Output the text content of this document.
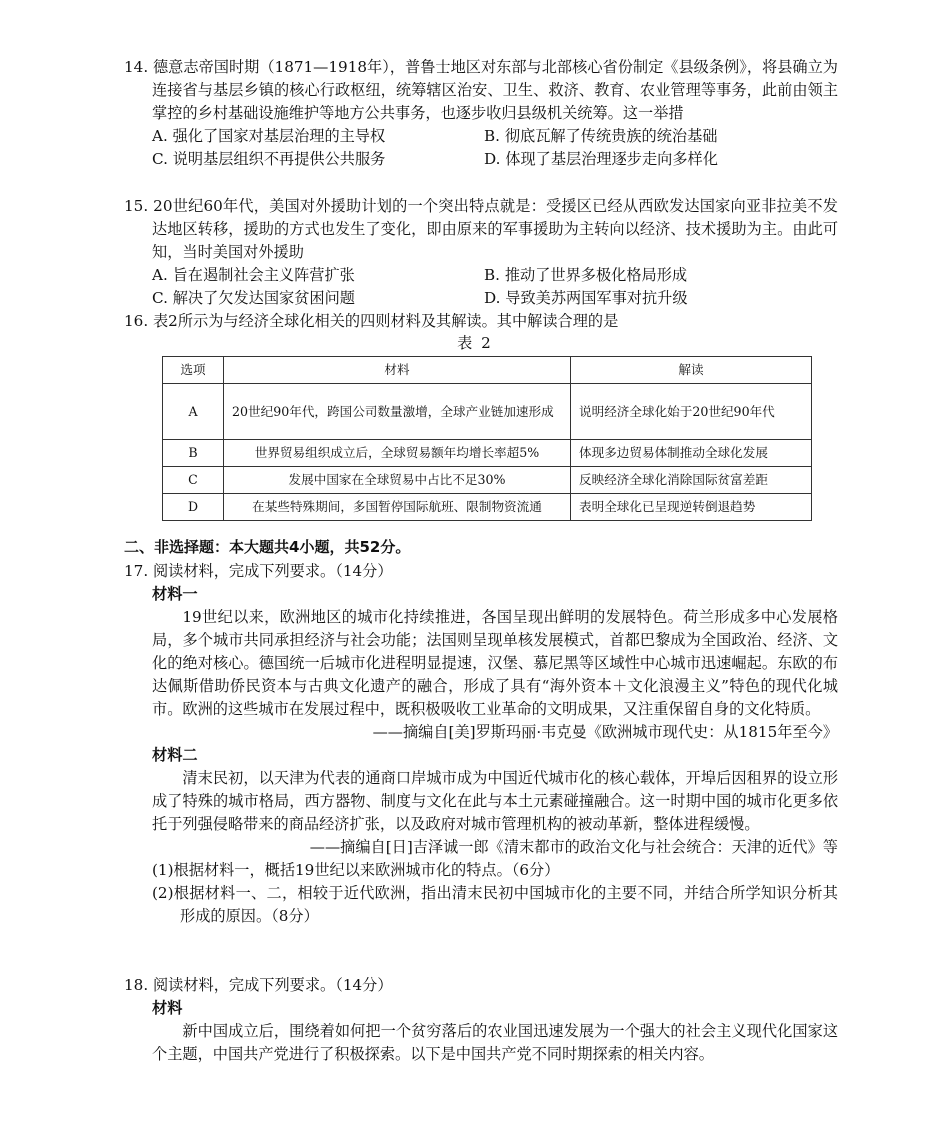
14. 德意志帝国时期（1871—1918年），普鲁士地区对东部与北部核心省份制定《县级条例》，将县确立为连接省与基层乡镇的核心行政枢纽，统筹辖区治安、卫生、救济、教育、农业管理等事务，此前由领主掌控的乡村基础设施维护等地方公共事务，也逐步收归县级机关统筹。这一举措

A. 强化了国家对基层治理的主导权	B. 彻底瓦解了传统贵族的统治基础
C. 说明基层组织不再提供公共服务	D. 体现了基层治理逐步走向多样化

15. 20世纪60年代，美国对外援助计划的一个突出特点就是：受援区已经从西欧发达国家向亚非拉美不发达地区转移，援助的方式也发生了变化，即由原来的军事援助为主转向以经济、技术援助为主。由此可知，当时美国对外援助

A. 旨在遏制社会主义阵营扩张	B. 推动了世界多极化格局形成
C. 解决了欠发达国家贫困问题	D. 导致美苏两国军事对抗升级

16. 表2所示为与经济全球化相关的四则材料及其解读。其中解读合理的是

表 2
选项	材料	解读
A	20世纪90年代，跨国公司数量激增，全球产业链加速形成	说明经济全球化始于20世纪90年代
B	世界贸易组织成立后，全球贸易额年均增长率超5%	体现多边贸易体制推动全球化发展
C	发展中国家在全球贸易中占比不足30%	反映经济全球化消除国际贫富差距
D	在某些特殊期间，多国暂停国际航班、限制物资流通	表明全球化已呈现逆转倒退趋势
二、非选择题：本大题共4小题，共52分。

17. 阅读材料，完成下列要求。（14分）

材料一

19世纪以来，欧洲地区的城市化持续推进，各国呈现出鲜明的发展特色。荷兰形成多中心发展格局，多个城市共同承担经济与社会功能；法国则呈现单核发展模式，首都巴黎成为全国政治、经济、文化的绝对核心。德国统一后城市化进程明显提速，汉堡、慕尼黑等区域性中心城市迅速崛起。东欧的布达佩斯借助侨民资本与古典文化遗产的融合，形成了具有“海外资本＋文化浪漫主义”特色的现代化城市。欧洲的这些城市在发展过程中，既积极吸收工业革命的文明成果，又注重保留自身的文化特质。

——摘编自[美]罗斯玛丽·韦克曼《欧洲城市现代史：从1815年至今》

材料二

清末民初，以天津为代表的通商口岸城市成为中国近代城市化的核心载体，开埠后因租界的设立形成了特殊的城市格局，西方器物、制度与文化在此与本土元素碰撞融合。这一时期中国的城市化更多依托于列强侵略带来的商品经济扩张，以及政府对城市管理机构的被动革新，整体进程缓慢。

——摘编自[日]吉泽诚一郎《清末都市的政治文化与社会统合：天津的近代》等

(1)根据材料一，概括19世纪以来欧洲城市化的特点。（6分）

(2)根据材料一、二，相较于近代欧洲，指出清末民初中国城市化的主要不同，并结合所学知识分析其形成的原因。（8分）

18. 阅读材料，完成下列要求。（14分）

材料

新中国成立后，围绕着如何把一个贫穷落后的农业国迅速发展为一个强大的社会主义现代化国家这个主题，中国共产党进行了积极探索。以下是中国共产党不同时期探索的相关内容。
